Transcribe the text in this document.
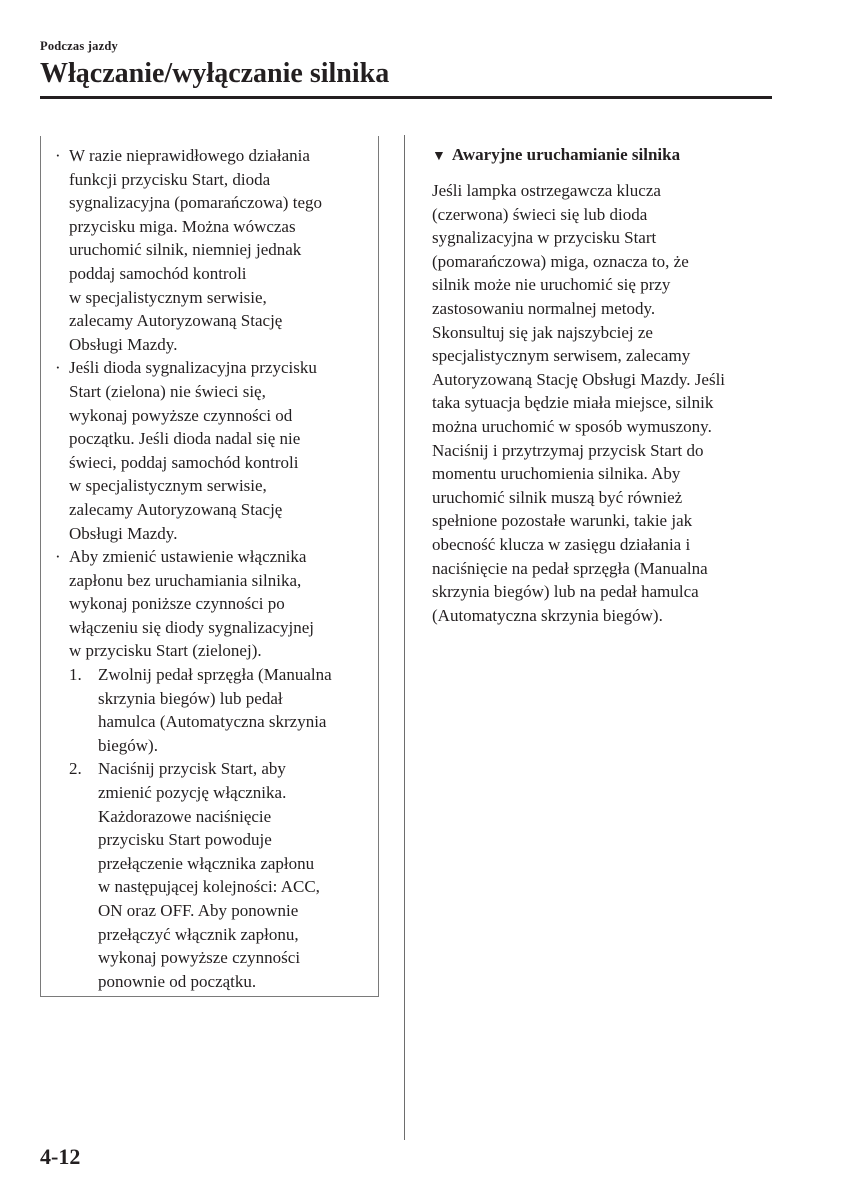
Podczas jazdy
Włączanie/wyłączanie silnika
· W razie nieprawidłowego działania
funkcji przycisku Start, dioda
sygnalizacyjna (pomarańczowa) tego
przycisku miga. Można wówczas
uruchomić silnik, niemniej jednak
poddaj samochód kontroli
w specjalistycznym serwisie,
zalecamy Autoryzowaną Stację
Obsługi Mazdy.
· Jeśli dioda sygnalizacyjna przycisku
Start (zielona) nie świeci się,
wykonaj powyższe czynności od
początku. Jeśli dioda nadal się nie
świeci, poddaj samochód kontroli
w specjalistycznym serwisie,
zalecamy Autoryzowaną Stację
Obsługi Mazdy.
· Aby zmienić ustawienie włącznika
zapłonu bez uruchamiania silnika,
wykonaj poniższe czynności po
włączeniu się diody sygnalizacyjnej
w przycisku Start (zielonej).
1. Zwolnij pedał sprzęgła (Manualna
skrzynia biegów) lub pedał
hamulca (Automatyczna skrzynia
biegów).
2. Naciśnij przycisk Start, aby
zmienić pozycję włącznika.
Każdorazowe naciśnięcie
przycisku Start powoduje
przełączenie włącznika zapłonu
w następującej kolejności: ACC,
ON oraz OFF. Aby ponownie
przełączyć włącznik zapłonu,
wykonaj powyższe czynności
ponownie od początku.
▼ Awaryjne uruchamianie silnika

Jeśli lampka ostrzegawcza klucza
(czerwona) świeci się lub dioda
sygnalizacyjna w przycisku Start
(pomarańczowa) miga, oznacza to, że
silnik może nie uruchomić się przy
zastosowaniu normalnej metody.
Skonsultuj się jak najszybciej ze
specjalistycznym serwisem, zalecamy
Autoryzowaną Stację Obsługi Mazdy. Jeśli
taka sytuacja będzie miała miejsce, silnik
można uruchomić w sposób wymuszony.
Naciśnij i przytrzymaj przycisk Start do
momentu uruchomienia silnika. Aby
uruchomić silnik muszą być również
spełnione pozostałe warunki, takie jak
obecność klucza w zasięgu działania i
naciśnięcie na pedał sprzęgła (Manualna
skrzynia biegów) lub na pedał hamulca
(Automatyczna skrzynia biegów).

4-12
